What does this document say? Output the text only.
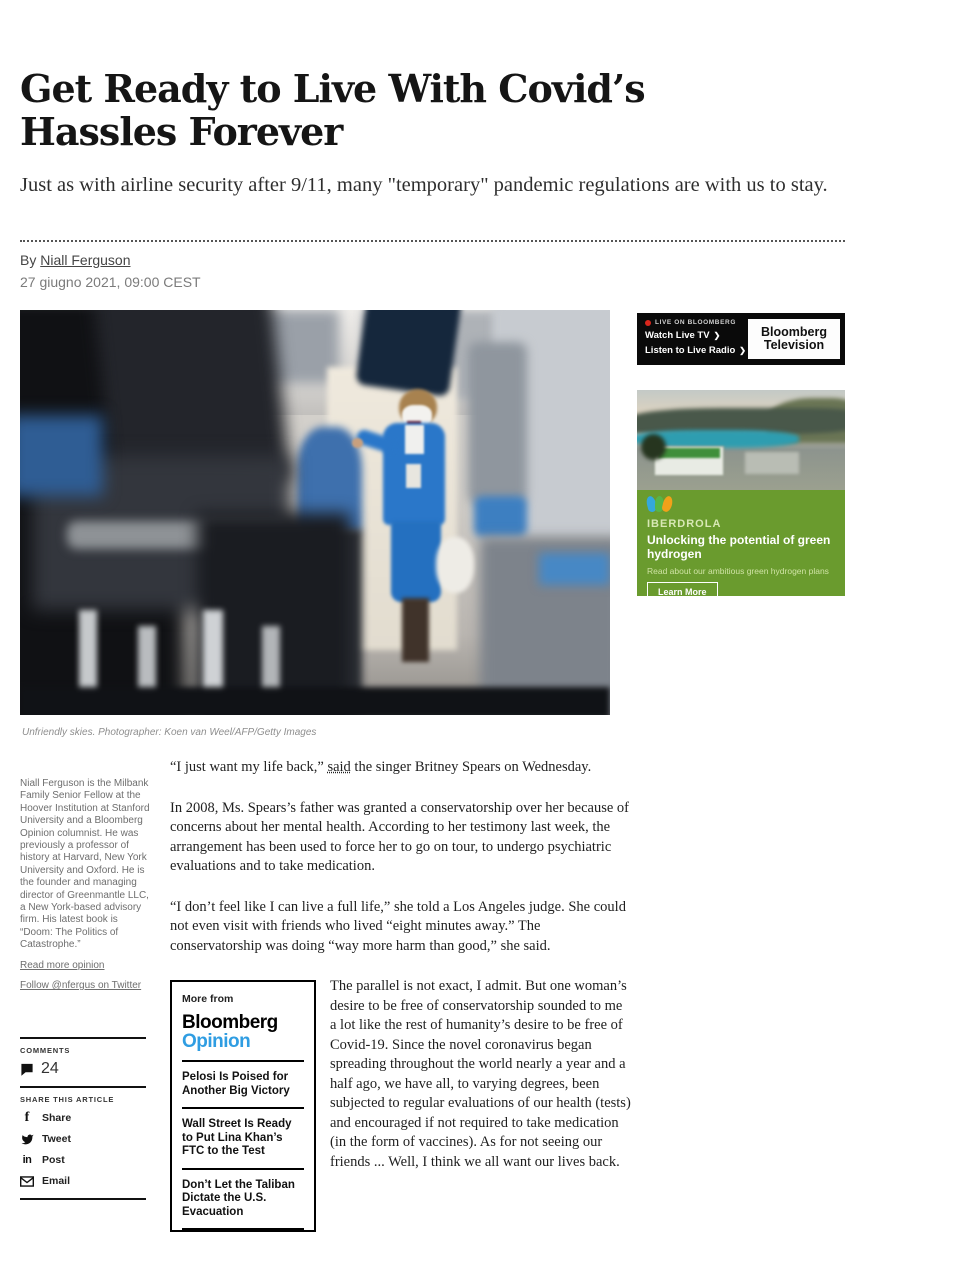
Get Ready to Live With Covid’s Hassles Forever

Just as with airline security after 9/11, many "temporary" pandemic regulations are with us to stay.

By Niall Ferguson
27 giugno 2021, 09:00 CEST
Unfriendly skies. Photographer: Koen van Weel/AFP/Getty Images
LIVE ON BLOOMBERG
Watch Live TV ❯
Listen to Live Radio ❯
Bloomberg
Television
IBERDROLA
Unlocking the potential of green hydrogen
Read about our ambitious green hydrogen plans
Learn More
Niall Ferguson is the Milbank Family Senior Fellow at the Hoover Institution at Stanford University and a Bloomberg Opinion columnist. He was previously a professor of history at Harvard, New York University and Oxford. He is the founder and managing director of Greenmantle LLC, a New York-based advisory firm. His latest book is “Doom: The Politics of Catastrophe.”
Read more opinion
Follow @nfergus on Twitter
COMMENTS
24
SHARE THIS ARTICLE
f Share
Tweet
in Post
Email

“I just want my life back,” said the singer Britney Spears on Wednesday.

In 2008, Ms. Spears’s father was granted a conservatorship over her because of concerns about her mental health. According to her testimony last week, the arrangement has been used to force her to go on tour, to undergo psychiatric evaluations and to take medication.

“I don’t feel like I can live a full life,” she told a Los Angeles judge. She could not even visit with friends who lived “eight minutes away.” The conservatorship was doing “way more harm than good,” she said.

More from
Bloomberg
Opinion
Pelosi Is Poised for Another Big Victory
Wall Street Is Ready to Put Lina Khan’s FTC to the Test
Don’t Let the Taliban Dictate the U.S. Evacuation

The parallel is not exact, I admit. But one woman’s desire to be free of conservatorship sounded to me a lot like the rest of humanity’s desire to be free of Covid-19. Since the novel coronavirus began spreading throughout the world nearly a year and a half ago, we have all, to varying degrees, been subjected to regular evaluations of our health (tests) and encouraged if not required to take medication (in the form of vaccines). As for not seeing our friends ... Well, I think we all want our lives back.
